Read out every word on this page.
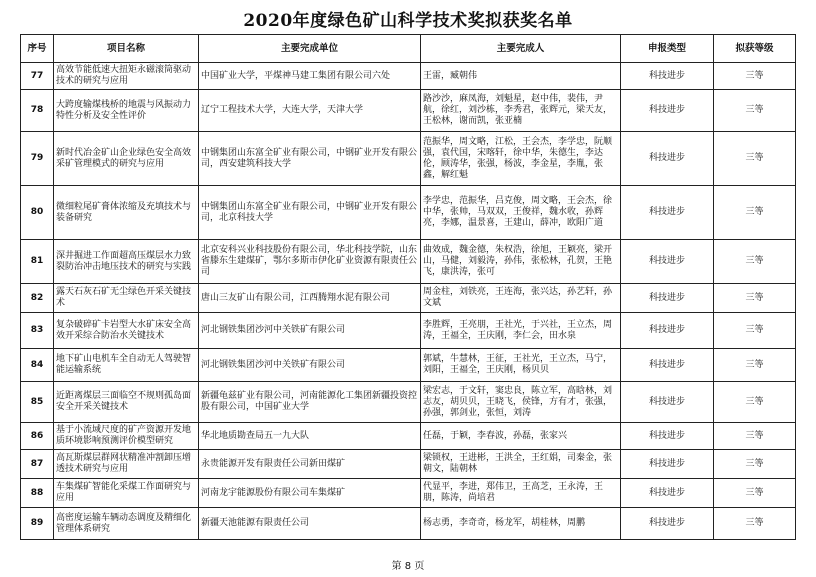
2020年度绿色矿山科学技术奖拟获奖名单
序号	项目名称	主要完成单位	主要完成人	申报类型	拟获等级
77	高效节能低速大扭矩永磁滚筒驱动技术的研究与应用	中国矿业大学，平煤神马建工集团有限公司六处	王雷，臧朝伟	科技进步	三等
78	大跨度输煤栈桥的地震与风振动力特性分析及安全性评价	辽宁工程技术大学，大连大学，天津大学	路沙沙，麻凤海，刘魁星，赵中伟，裴伟，尹航，徐红，刘沙栋，李秀君，张辉元，梁天友，王松林，谢而凯，张亚楠	科技进步	三等
79	新时代冶金矿山企业绿色安全高效采矿管理模式的研究与应用	中钢集团山东富全矿业有限公司，中钢矿业开发有限公司，西安建筑科技大学	范振华，周文略，江松，王会杰，李学忠，阮顺强，袁代国，宋喀轩，徐中华，朱德生，李达伦，顾涛华，张强，杨波，李金星，李胤，张鑫，解红魁	科技进步	三等
80	微细粒尾矿膏体浓缩及充填技术与装备研究	中钢集团山东富全矿业有限公司，中钢矿业开发有限公司，北京科技大学	李学忠，范振华，吕克俊，周文略，王会杰，徐中华，张帅，马双双，王俊祥，魏水收，孙辉亮，李娜，温景喜，王建山，薛冲，欧阳广道	科技进步	三等
81	深井掘进工作面超高压煤层水力致裂防治冲击地压技术的研究与实践	北京安科兴业科技股份有限公司，华北科技学院，山东省滕东生建煤矿，鄂尔多斯市伊化矿业资源有限责任公司	曲效成，魏金德，朱权浩，徐旭，王颖亮，梁开山，马健，刘毅涛，孙伟，张松林，孔贺，王艳飞，康洪涛，张可	科技进步	三等
82	露天石灰石矿无尘绿色开采关键技术	唐山三友矿山有限公司，江西腾翔水泥有限公司	周金柱，刘铁亮，王连海，张兴达，孙艺轩，孙文斌	科技进步	三等
83	复杂破碎矿卡岩型大水矿床安全高效开采综合防治水关键技术	河北钢铁集团沙河中关铁矿有限公司	李胜辉，王亮朋，王社光，于兴社，王立杰，周涛，王福全，王庆刚，李仁会，田水泉	科技进步	三等
84	地下矿山电机车全自动无人驾驶智能运输系统	河北钢铁集团沙河中关铁矿有限公司	郭斌，牛慧林，王征，王社光，王立杰，马宁，刘阳，王福全，王庆刚，杨贝贝	科技进步	三等
85	近距离煤层三面临空不规则孤岛面安全开采关键技术	新疆龟兹矿业有限公司，河南能源化工集团新疆投资控股有限公司，中国矿业大学	梁宏志，于文轩，窦忠良，陈立军，高晗林，刘志友，胡贝贝，王晓飞，侯锋，方有才，张强，孙强，郭剑业，张恒，刘涛	科技进步	三等
86	基于小流域尺度的矿产资源开发地质环境影响预测评价模型研究	华北地质勘查局五一九大队	任磊，于颖，李春波，孙磊，张家兴	科技进步	三等
87	高瓦斯煤层群网状精准冲割卸压增透技术研究与应用	永贵能源开发有限责任公司新田煤矿	梁锁权，王进彬，王洪全，王红娟，司秦金，张朝文，陆朝林	科技进步	三等
88	车集煤矿智能化采煤工作面研究与应用	河南龙宇能源股份有限公司车集煤矿	代显平，李进，郑伟卫，王高芝，王永涛，王朋，陈涛，尚培君	科技进步	三等
89	高密度运输车辆动态调度及精细化管理体系研究	新疆天池能源有限责任公司	杨志勇，李奇奇，杨龙军，胡桂林，周鹏	科技进步	三等
第 8 页
